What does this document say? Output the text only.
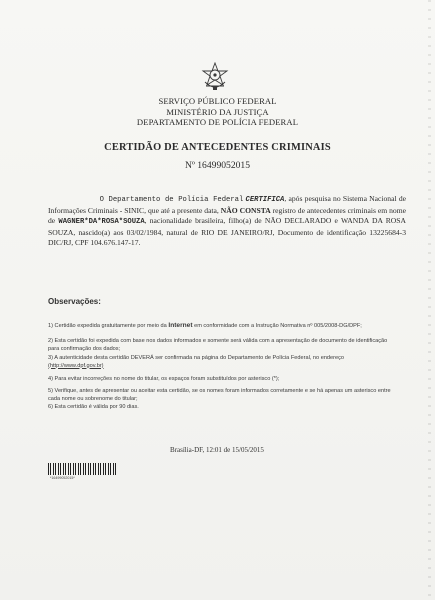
SERVIÇO PÚBLICO FEDERAL
MINISTÉRIO DA JUSTIÇA
DEPARTAMENTO DE POLÍCIA FEDERAL
CERTIDÃO DE ANTECEDENTES CRIMINAIS
Nº 16499052015
O Departamento de Polícia Federal CERTIFICA, após pesquisa no Sistema Nacional de Informações Criminais - SINIC, que até a presente data, NÃO CONSTA registro de antecedentes criminais em nome de WAGNER*DA*ROSA*SOUZA, nacionalidade brasileira, filho(a) de NÃO DECLARADO e WANDA DA ROSA SOUZA, nascido(a) aos 03/02/1984, natural de RIO DE JANEIRO/RJ, Documento de identificação 13225684-3 DIC/RJ, CPF 104.676.147-17.
Observações:
1) Certidão expedida gratuitamente por meio da Internet em conformidade com a Instrução Normativa nº 005/2008-DG/DPF;
2) Esta certidão foi expedida com base nos dados informados e somente será válida com a apresentação de documento de identificação para confirmação dos dados;
3) A autenticidade desta certidão DEVERÁ ser confirmada na página do Departamento de Polícia Federal, no endereço
(http://www.dpf.gov.br)
4) Para evitar incorreções no nome do titular, os espaços foram substituídos por asterisco (*);
5) Verifique, antes de apresentar ou aceitar esta certidão, se os nomes foram informados corretamente e se há apenas um asterisco entre cada nome ou sobrenome do titular;
6) Esta certidão é válida por 90 dias.
Brasília-DF, 12:01 de 15/05/2015
*16499052015*
